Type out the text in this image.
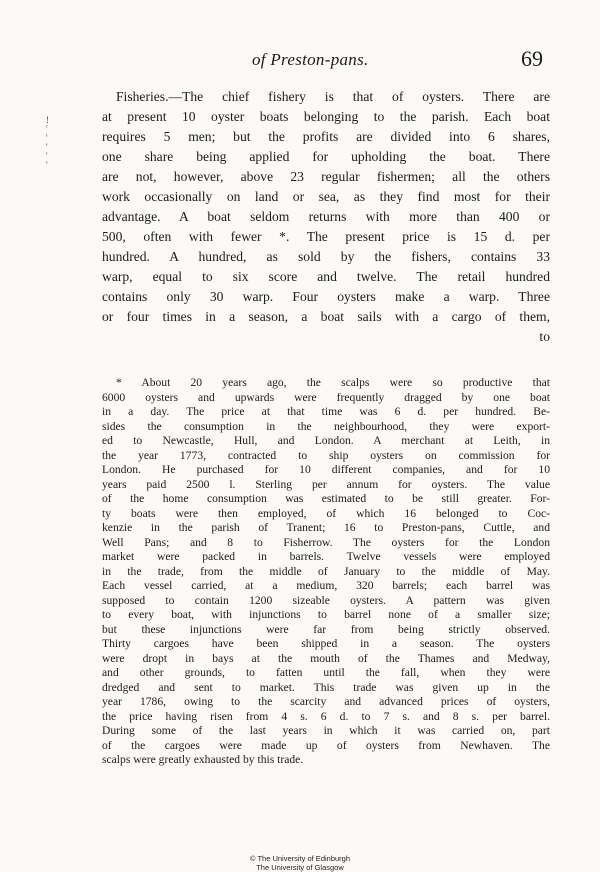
of Preston-pans.	69
! ' ' ' ' '
Fisheries.—The chief fishery is that of oysters. There are
at present 10 oyster boats belonging to the parish. Each boat
requires 5 men; but the profits are divided into 6 shares,
one share being applied for upholding the boat. There
are not, however, above 23 regular fishermen; all the others
work occasionally on land or sea, as they find most for their
advantage. A boat seldom returns with more than 400 or
500, often with fewer *. The present price is 15 d. per
hundred. A hundred, as sold by the fishers, contains 33
warp, equal to six score and twelve. The retail hundred
contains only 30 warp. Four oysters make a warp. Three
or four times in a season, a boat sails with a cargo of them,
to
* About 20 years ago, the scalps were so productive that
6000 oysters and upwards were frequently dragged by one boat
in a day. The price at that time was 6 d. per hundred. Be-
sides the consumption in the neighbourhood, they were export-
ed to Newcastle, Hull, and London. A merchant at Leith, in
the year 1773, contracted to ship oysters on commission for
London. He purchased for 10 different companies, and for 10
years paid 2500 l. Sterling per annum for oysters. The value
of the home consumption was estimated to be still greater. For-
ty boats were then employed, of which 16 belonged to Coc-
kenzie in the parish of Tranent; 16 to Preston-pans, Cuttle, and
Well Pans; and 8 to Fisherrow. The oysters for the London
market were packed in barrels. Twelve vessels were employed
in the trade, from the middle of January to the middle of May.
Each vessel carried, at a medium, 320 barrels; each barrel was
supposed to contain 1200 sizeable oysters. A pattern was given
to every boat, with injunctions to barrel none of a smaller size;
but these injunctions were far from being strictly observed.
Thirty cargoes have been shipped in a season. The oysters
were dropt in bays at the mouth of the Thames and Medway,
and other grounds, to fatten until the fall, when they were
dredged and sent to market. This trade was given up in the
year 1786, owing to the scarcity and advanced prices of oysters,
the price having risen from 4 s. 6 d. to 7 s. and 8 s. per barrel.
During some of the last years in which it was carried on, part
of the cargoes were made up of oysters from Newhaven. The
scalps were greatly exhausted by this trade.
© The University of Edinburgh
The University of Glasgow
